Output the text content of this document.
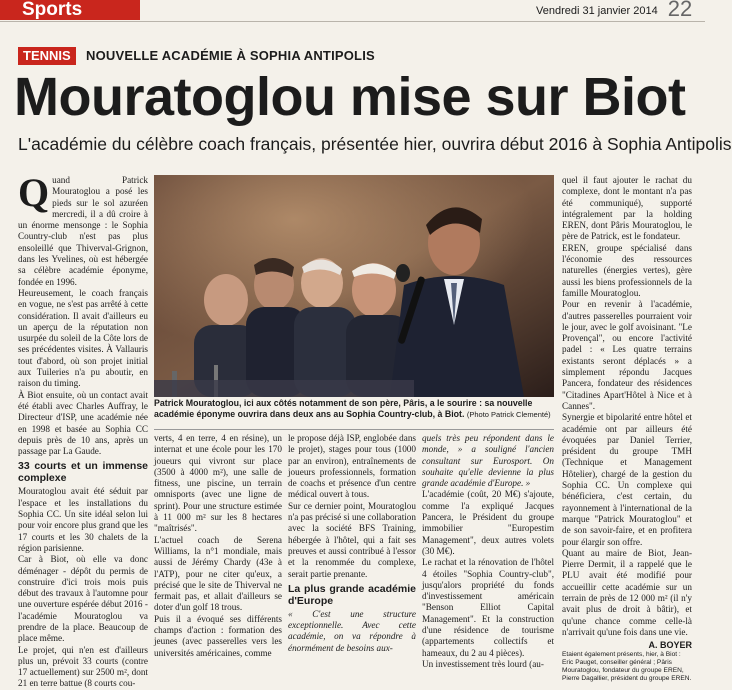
Sports	Vendredi 31 janvier 2014 22
TENNIS	NOUVELLE ACADÉMIE À SOPHIA ANTIPOLIS
Mouratoglou mise sur Biot
L'académie du célèbre coach français, présentée hier, ouvrira début 2016 à Sophia Antipolis
Q uand Patrick Mouratoglou a posé les pieds sur le sol azuréen mercredi, il a dû croire à un énorme mensonge : le Sophia Country-club n'est pas plus ensoleillé que Thiverval-Grignon, dans les Yvelines, où est hébergée sa célèbre académie éponyme, fondée en 1996.

Heureusement, le coach français en vogue, ne s'est pas arrêté à cette considération. Il avait d'ailleurs eu un aperçu de la réputation non usurpée du soleil de la Côte lors de ses précédentes visites. À Vallauris tout d'abord, où son projet initial aux Tuileries n'a pu aboutir, en raison du timing.

À Biot ensuite, où un contact avait été établi avec Charles Auffray, le Directeur d'ISP, une académie née en 1998 et basée au Sophia CC depuis près de 10 ans, après un passage par La Gaude.

33 courts et un immense complexe

Mouratoglou avait été séduit par l'espace et les installations du Sophia CC. Un site idéal selon lui pour voir encore plus grand que les 17 courts et les 30 chalets de la région parisienne.

Car à Biot, où elle va donc déménager - dépôt du permis de construire d'ici trois mois puis début des travaux à l'automne pour une ouverture espérée début 2016 - l'académie Mouratoglou va prendre de la place. Beaucoup de place même.

Le projet, qui n'en est d'ailleurs plus un, prévoit 33 courts (contre 17 actuellement) sur 2500 m², dont 21 en terre battue (8 courts cou-

Patrick Mouratoglou, ici aux côtés notamment de son père, Pâris, a le sourire : sa nouvelle académie éponyme ouvrira dans deux ans au Sophia Country-club, à Biot. (Photo Patrick Clementé)

verts, 4 en terre, 4 en résine), un internat et une école pour les 170 joueurs qui vivront sur place (3500 à 4000 m²), une salle de fitness, une piscine, un terrain omnisports (avec une ligne de sprint). Pour une structure estimée à 11 000 m² sur les 8 hectares "maîtrisés".

L'actuel coach de Serena Williams, la n°1 mondiale, mais aussi de Jérémy Chardy (43e à l'ATP), pour ne citer qu'eux, a précisé que le site de Thiverval ne fermait pas, et allait d'ailleurs se doter d'un golf 18 trous.

Puis il a évoqué ses différents champs d'action : formation des jeunes (avec passerelles vers les universités américaines, comme

le propose déjà ISP, englobée dans le projet), stages pour tous (1000 par an environ), entraînements de joueurs professionnels, formation de coachs et présence d'un centre médical ouvert à tous.

Sur ce dernier point, Mouratoglou n'a pas précisé si une collaboration avec la société BFS Training, hébergée à l'hôtel, qui a fait ses preuves et aussi contribué à l'essor et la renommée du complexe, serait partie prenante.

La plus grande académie d'Europe

« C'est une structure exceptionnelle. Avec cette académie, on va répondre à énormément de besoins aux-

quels très peu répondent dans le monde, » a souligné l'ancien consultant sur Eurosport. On souhaite qu'elle devienne la plus grande académie d'Europe. »

L'académie (coût, 20 M€) s'ajoute, comme l'a expliqué Jacques Pancera, le Président du groupe immobilier "Europestim Management", deux autres volets (30 M€).

Le rachat et la rénovation de l'hôtel 4 étoiles "Sophia Country-club", jusqu'alors propriété du fonds d'investissement américain "Benson Elliot Capital Management". Et la construction d'une résidence de tourisme (appartements collectifs et hameaux, du 2 au 4 pièces).

Un investissement très lourd (au-

quel il faut ajouter le rachat du complexe, dont le montant n'a pas été communiqué), supporté intégralement par la holding EREN, dont Pâris Mouratoglou, le père de Patrick, est le fondateur.

EREN, groupe spécialisé dans l'économie des ressources naturelles (énergies vertes), gère aussi les biens professionnels de la famille Mouratoglou.

Pour en revenir à l'académie, d'autres passerelles pourraient voir le jour, avec le golf avoisinant. "Le Provençal", ou encore l'activité padel : « Les quatre terrains existants seront déplacés » a simplement répondu Jacques Pancera, fondateur des résidences "Citadines Apart'Hôtel à Nice et à Cannes".

Synergie et bipolarité entre hôtel et académie ont par ailleurs été évoquées par Daniel Terrier, président du groupe TMH (Technique et Management Hôtelier), chargé de la gestion du Sophia CC. Un complexe qui bénéficiera, c'est certain, du rayonnement à l'international de la marque "Patrick Mouratoglou" et de son savoir-faire, et en profitera pour élargir son offre.

Quant au maire de Biot, Jean-Pierre Dermit, il a rappelé que le PLU avait été modifié pour accueillir cette académie sur un terrain de près de 12 000 m² (il n'y avait plus de droit à bâtir), et qu'une chance comme celle-là n'arrivait qu'une fois dans une vie.

A. BOYER

Etaient également présents, hier, à Biot : Eric Pauget, conseiller général ; Pâris Mouratoglou, fondateur du groupe EREN, Pierre Dagallier, président du groupe EREN.
